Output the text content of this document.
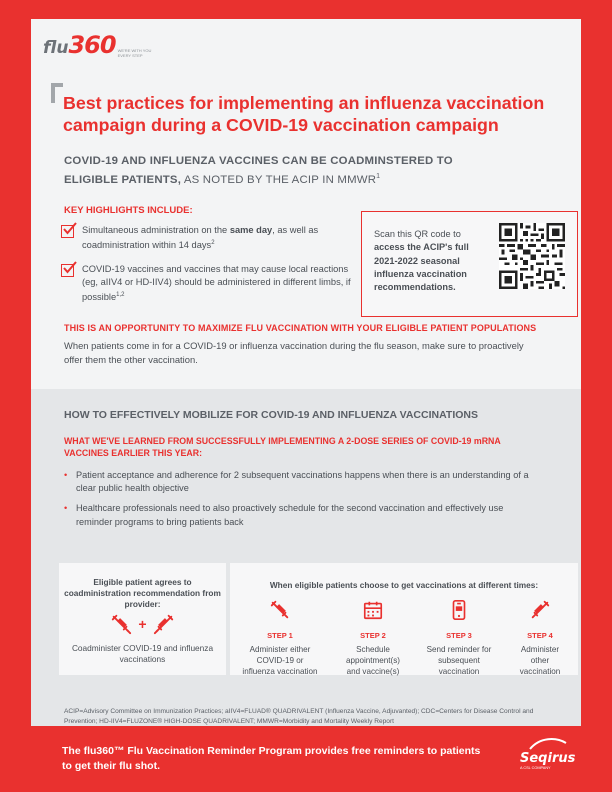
flu360 WE'RE WITH YOU EVERY STEP
Best practices for implementing an influenza vaccination campaign during a COVID-19 vaccination campaign
COVID-19 AND INFLUENZA VACCINES CAN BE COADMINSTERED TO ELIGIBLE PATIENTS, AS NOTED BY THE ACIP IN MMWR$^1$
KEY HIGHLIGHTS INCLUDE:
Simultaneous administration on the same day, as well as coadministration within 14 days$^2$
COVID-19 vaccines and vaccines that may cause local reactions (eg, aIIV4 or HD-IIV4) should be administered in different limbs, if possible$^{1,2}$
Scan this QR code to access the ACIP's full 2021-2022 seasonal influenza vaccination recommendations.
THIS IS AN OPPORTUNITY TO MAXIMIZE FLU VACCINATION WITH YOUR ELIGIBLE PATIENT POPULATIONS
When patients come in for a COVID-19 or influenza vaccination during the flu season, make sure to proactively offer them the other vaccination.
HOW TO EFFECTIVELY MOBILIZE FOR COVID-19 AND INFLUENZA VACCINATIONS
WHAT WE'VE LEARNED FROM SUCCESSFULLY IMPLEMENTING A 2-DOSE SERIES OF COVID-19 mRNA VACCINES EARLIER THIS YEAR:
• Patient acceptance and adherence for 2 subsequent vaccinations happens when there is an understanding of a clear public health objective
• Healthcare professionals need to also proactively schedule for the second vaccination and effectively use reminder programs to bring patients back
Eligible patient agrees to coadministration recommendation from provider:
+
Coadminister COVID-19 and influenza vaccinations
When eligible patients choose to get vaccinations at different times:
STEP 1
Administer either COVID-19 or influenza vaccination
STEP 2
Schedule appointment(s) and vaccine(s)
STEP 3
Send reminder for subsequent vaccination
STEP 4
Administer other vaccination
ACIP=Advisory Committee on Immunization Practices; aIIV4=FLUAD® QUADRIVALENT (Influenza Vaccine, Adjuvanted); CDC=Centers for Disease Control and Prevention; HD-IIV4=FLUZONE® HIGH-DOSE QUADRIVALENT; MMWR=Morbidity and Mortality Weekly Report
The flu360™ Flu Vaccination Reminder Program provides free reminders to patients to get their flu shot.	Seqirus
A CSL COMPANY
